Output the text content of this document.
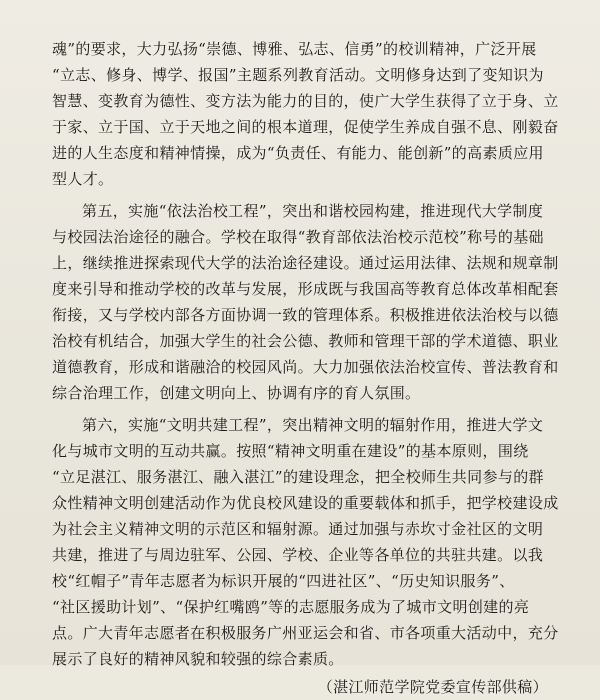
魂”的要求，大力弘扬“崇德、博雅、弘志、信勇”的校训精神，广泛开展
“立志、修身、博学、报国”主题系列教育活动。文明修身达到了变知识为
智慧、变教育为德性、变方法为能力的目的，使广大学生获得了立于身、立
于家、立于国、立于天地之间的根本道理，促使学生养成自强不息、刚毅奋
进的人生态度和精神情操，成为“负责任、有能力、能创新”的高素质应用
型人才。

第五，实施“依法治校工程”，突出和谐校园构建，推进现代大学制度
与校园法治途径的融合。学校在取得“教育部依法治校示范校”称号的基础
上，继续推进探索现代大学的法治途径建设。通过运用法律、法规和规章制
度来引导和推动学校的改革与发展，形成既与我国高等教育总体改革相配套
衔接，又与学校内部各方面协调一致的管理体系。积极推进依法治校与以德
治校有机结合，加强大学生的社会公德、教师和管理干部的学术道德、职业
道德教育，形成和谐融洽的校园风尚。大力加强依法治校宣传、普法教育和
综合治理工作，创建文明向上、协调有序的育人氛围。

第六，实施“文明共建工程”，突出精神文明的辐射作用，推进大学文
化与城市文明的互动共赢。按照“精神文明重在建设”的基本原则，围绕
“立足湛江、服务湛江、融入湛江”的建设理念，把全校师生共同参与的群
众性精神文明创建活动作为优良校风建设的重要载体和抓手，把学校建设成
为社会主义精神文明的示范区和辐射源。通过加强与赤坎寸金社区的文明
共建，推进了与周边驻军、公园、学校、企业等各单位的共驻共建。以我
校“红帽子”青年志愿者为标识开展的“四进社区”、“历史知识服务”、
“社区援助计划”、“保护红嘴鸥”等的志愿服务成为了城市文明创建的亮
点。广大青年志愿者在积极服务广州亚运会和省、市各项重大活动中，充分
展示了良好的精神风貌和较强的综合素质。

（湛江师范学院党委宣传部供稿）
